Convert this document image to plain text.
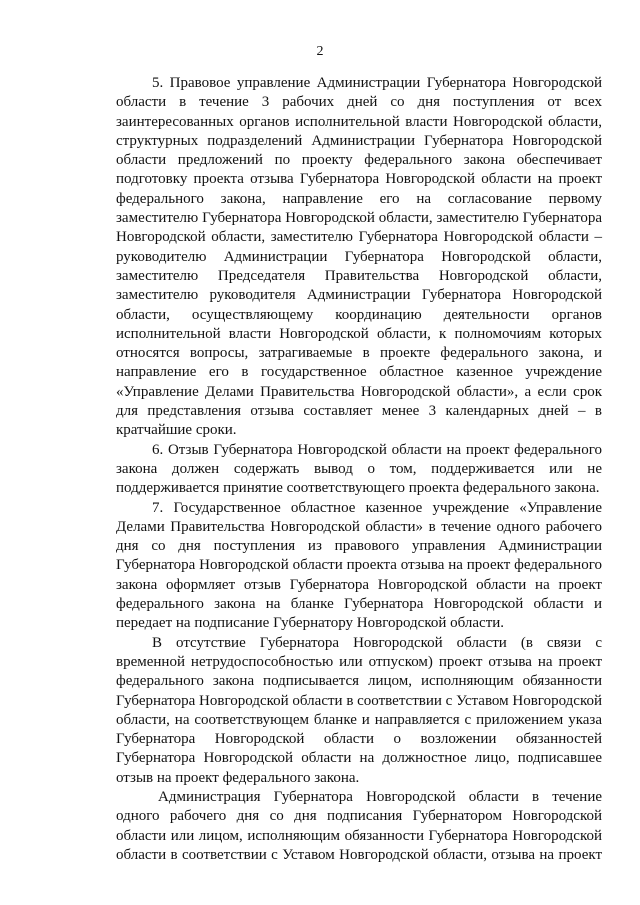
2

5. Правовое управление Администрации Губернатора Новгородской области в течение 3 рабочих дней со дня поступления от всех заинтересованных органов исполнительной власти Новгородской области, структурных подразделений Администрации Губернатора Новгородской области предложений по проекту федерального закона обеспечивает подготовку проекта отзыва Губернатора Новгородской области на проект федерального закона, направление его на согласование первому заместителю Губернатора Новгородской области, заместителю Губернатора Новгородской области, заместителю Губернатора Новгородской области – руководителю Администрации Губернатора Новгородской области, заместителю Председателя Правительства Новгородской области, заместителю руководителя Администрации Губернатора Новгородской области, осуществляющему координацию деятельности органов исполнительной власти Новгородской области, к полномочиям которых относятся вопросы, затрагиваемые в проекте федерального закона, и направление его в государственное областное казенное учреждение «Управление Делами Правительства Новгородской области», а если срок для представления отзыва составляет менее 3 календарных дней – в кратчайшие сроки.

6. Отзыв Губернатора Новгородской области на проект федерального закона должен содержать вывод о том, поддерживается или не поддерживается принятие соответствующего проекта федерального закона.

7. Государственное областное казенное учреждение «Управление Делами Правительства Новгородской области» в течение одного рабочего дня со дня поступления из правового управления Администрации Губернатора Новгородской области проекта отзыва на проект федерального закона оформляет отзыв Губернатора Новгородской области на проект федерального закона на бланке Губернатора Новгородской области и передает на подписание Губернатору Новгородской области.

В отсутствие Губернатора Новгородской области (в связи с временной нетрудоспособностью или отпуском) проект отзыва на проект федерального закона подписывается лицом, исполняющим обязанности Губернатора Новгородской области в соответствии с Уставом Новгородской области, на соответствующем бланке и направляется с приложением указа Губернатора Новгородской области о возложении обязанностей Губернатора Новгородской области на должностное лицо, подписавшее отзыв на проект федерального закона.

Администрация Губернатора Новгородской области в течение одного рабочего дня со дня подписания Губернатором Новгородской области или лицом, исполняющим обязанности Губернатора Новгородской области в соответствии с Уставом Новгородской области, отзыва на проект
